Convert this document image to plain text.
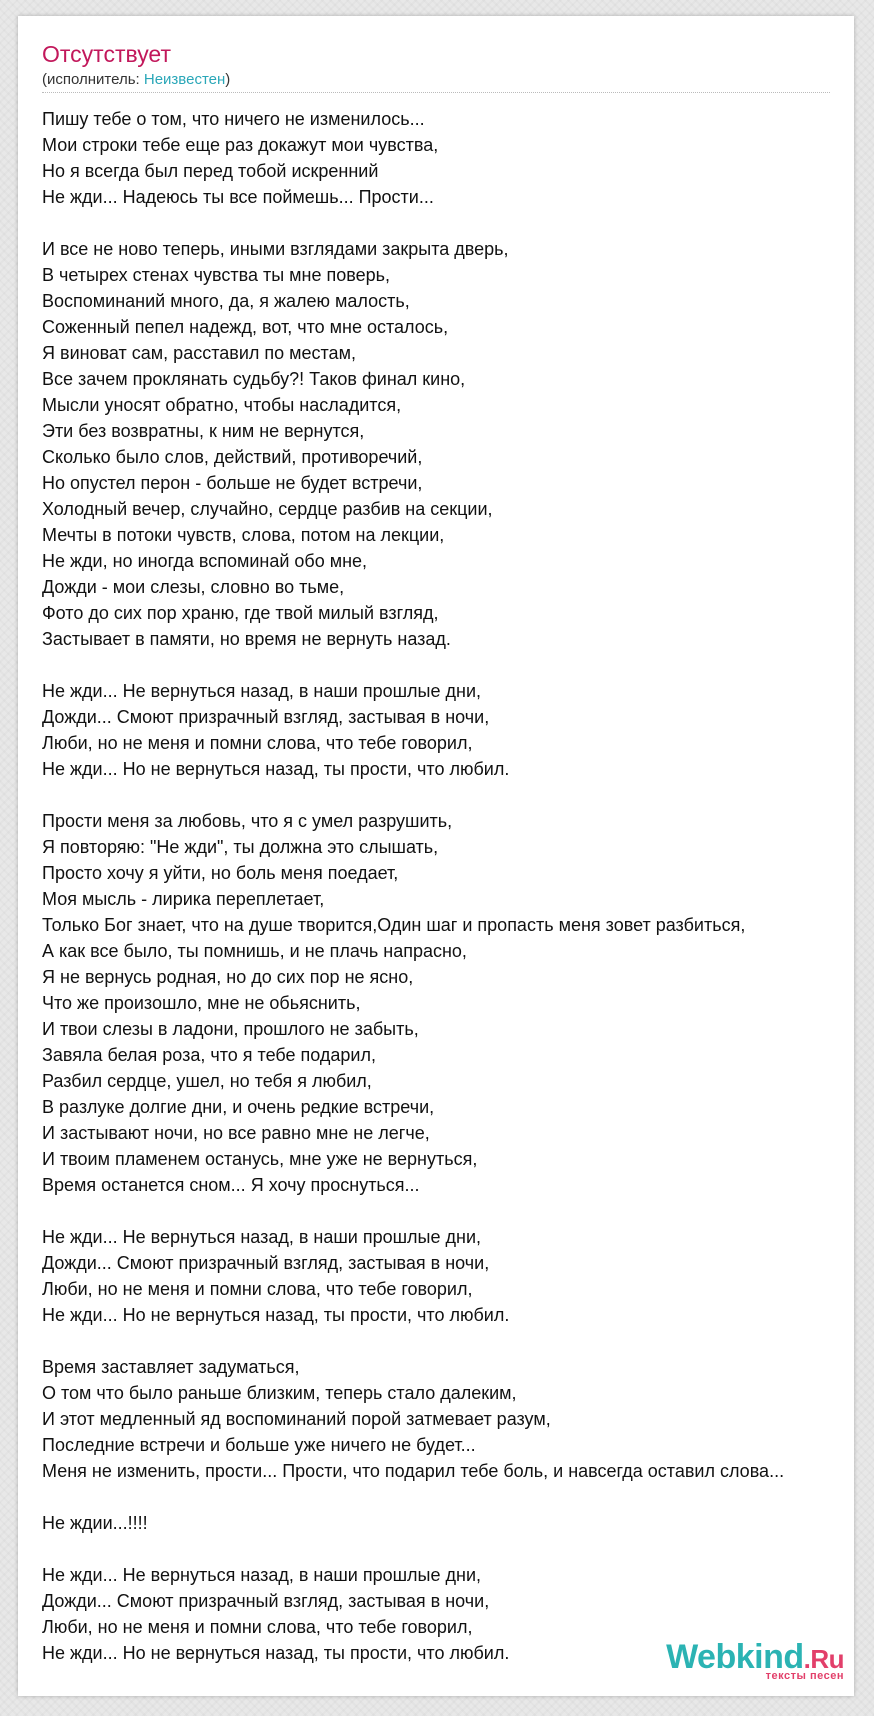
Отсутствует
(исполнитель: Неизвестен)
Пишу тебе о том, что ничего не изменилось...
Мои строки тебе еще раз докажут мои чувства,
Но я всегда был перед тобой искренний
Не жди... Надеюсь ты все поймешь... Прости...
И все не ново теперь, иными взглядами закрыта дверь,
В четырех стенах чувства ты мне поверь,
Воспоминаний много, да, я жалею малость,
Соженный пепел надежд, вот, что мне осталось,
Я виноват сам, расставил по местам,
Все зачем проклянать судьбу?! Таков финал кино,
Мысли уносят обратно, чтобы насладится,
Эти без возвратны, к ним не вернутся,
Сколько было слов, действий, противоречий,
Но опустел перон - больше не будет встречи,
Холодный вечер, случайно, сердце разбив на секции,
Мечты в потоки чувств, слова, потом на лекции,
Не жди, но иногда вспоминай обо мне,
Дожди - мои слезы, словно во тьме,
Фото до сих пор храню, где твой милый взгляд,
Застывает в памяти, но время не вернуть назад.
Не жди... Не вернуться назад, в наши прошлые дни,
Дожди... Смоют призрачный взгляд, застывая в ночи,
Люби, но не меня и помни слова, что тебе говорил,
Не жди... Но не вернуться назад, ты прости, что любил.
Прости меня за любовь, что я с умел разрушить,
Я повторяю: "Не жди", ты должна это слышать,
Просто хочу я уйти, но боль меня поедает,
Моя мысль - лирика переплетает,
Только Бог знает, что на душе творится,Один шаг и пропасть меня зовет разбиться,
А как все было, ты помнишь, и не плачь напрасно,
Я не вернусь родная, но до сих пор не ясно,
Что же произошло, мне не обьяснить,
И твои слезы в ладони, прошлого не забыть,
Завяла белая роза, что я тебе подарил,
Разбил сердце, ушел, но тебя я любил,
В разлуке долгие дни, и очень редкие встречи,
И застывают ночи, но все равно мне не легче,
И твоим пламенем останусь, мне уже не вернуться,
Время останется сном... Я хочу проснуться...
Не жди... Не вернуться назад, в наши прошлые дни,
Дожди... Смоют призрачный взгляд, застывая в ночи,
Люби, но не меня и помни слова, что тебе говорил,
Не жди... Но не вернуться назад, ты прости, что любил.
Время заставляет задуматься,
О том что было раньше близким, теперь стало далеким,
И этот медленный яд воспоминаний порой затмевает разум,
Последние встречи и больше уже ничего не будет...
Меня не изменить, прости... Прости, что подарил тебе боль, и навсегда оставил слова...
Не ждии...!!!!
Не жди... Не вернуться назад, в наши прошлые дни,
Дожди... Смоют призрачный взгляд, застывая в ночи,
Люби, но не меня и помни слова, что тебе говорил,
Не жди... Но не вернуться назад, ты прости, что любил.	Webkind.Ru
тексты песен
